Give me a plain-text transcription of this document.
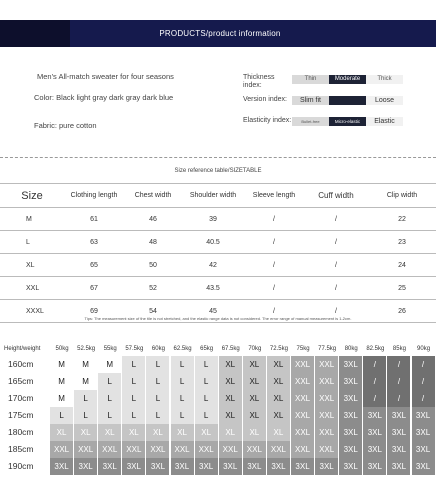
PRODUCTS/product information
Men's All-match sweater for four seasons
Color: Black light gray dark gray dark blue
Fabric: pure cotton
Thickness index:
Thin	Moderate	Thick
Version index:	Slim fit	Loose
Elasticity index:	Bullet-free	Micro-elastic	Elastic
Size reference table/SIZETABLE
Size	Clothing length	Chest width	Shoulder width	Sleeve length	Cuff width	Clip width
M	61	46	39	/	/	22
L	63	48	40.5	/	/	23
XL	65	50	42	/	/	24
XXL	67	52	43.5	/	/	25
XXXL	69	54	45	/	/	26
Tips: The measurement size of the tile is not stretched, and the elastic range data is not considered. The error range of manual measurement is 1-2cm.
Height/weight	50kg	52.5kg	55kg	57.5kg	60kg	62.5kg	65kg	67.5kg	70kg	72.5kg	75kg	77.5kg	80kg	82.5kg	85kg	90kg
160cm	M	M	M	L	L	L	L	XL	XL	XL	XXL	XXL	3XL	/	/	/
165cm	M	M	L	L	L	L	L	XL	XL	XL	XXL	XXL	3XL	/	/	/
170cm	M	L	L	L	L	L	L	XL	XL	XL	XXL	XXL	3XL	/	/	/
175cm	L	L	L	L	L	L	L	XL	XL	XL	XXL	XXL	3XL	3XL	3XL	3XL
180cm	XL	XL	XL	XL	XL	XL	XL	XL	XL	XL	XXL	XXL	3XL	3XL	3XL	3XL
185cm	XXL	XXL	XXL	XXL	XXL	XXL	XXL	XXL	XXL	XXL	XXL	XXL	3XL	3XL	3XL	3XL
190cm	3XL	3XL	3XL	3XL	3XL	3XL	3XL	3XL	3XL	3XL	3XL	3XL	3XL	3XL	3XL	3XL
